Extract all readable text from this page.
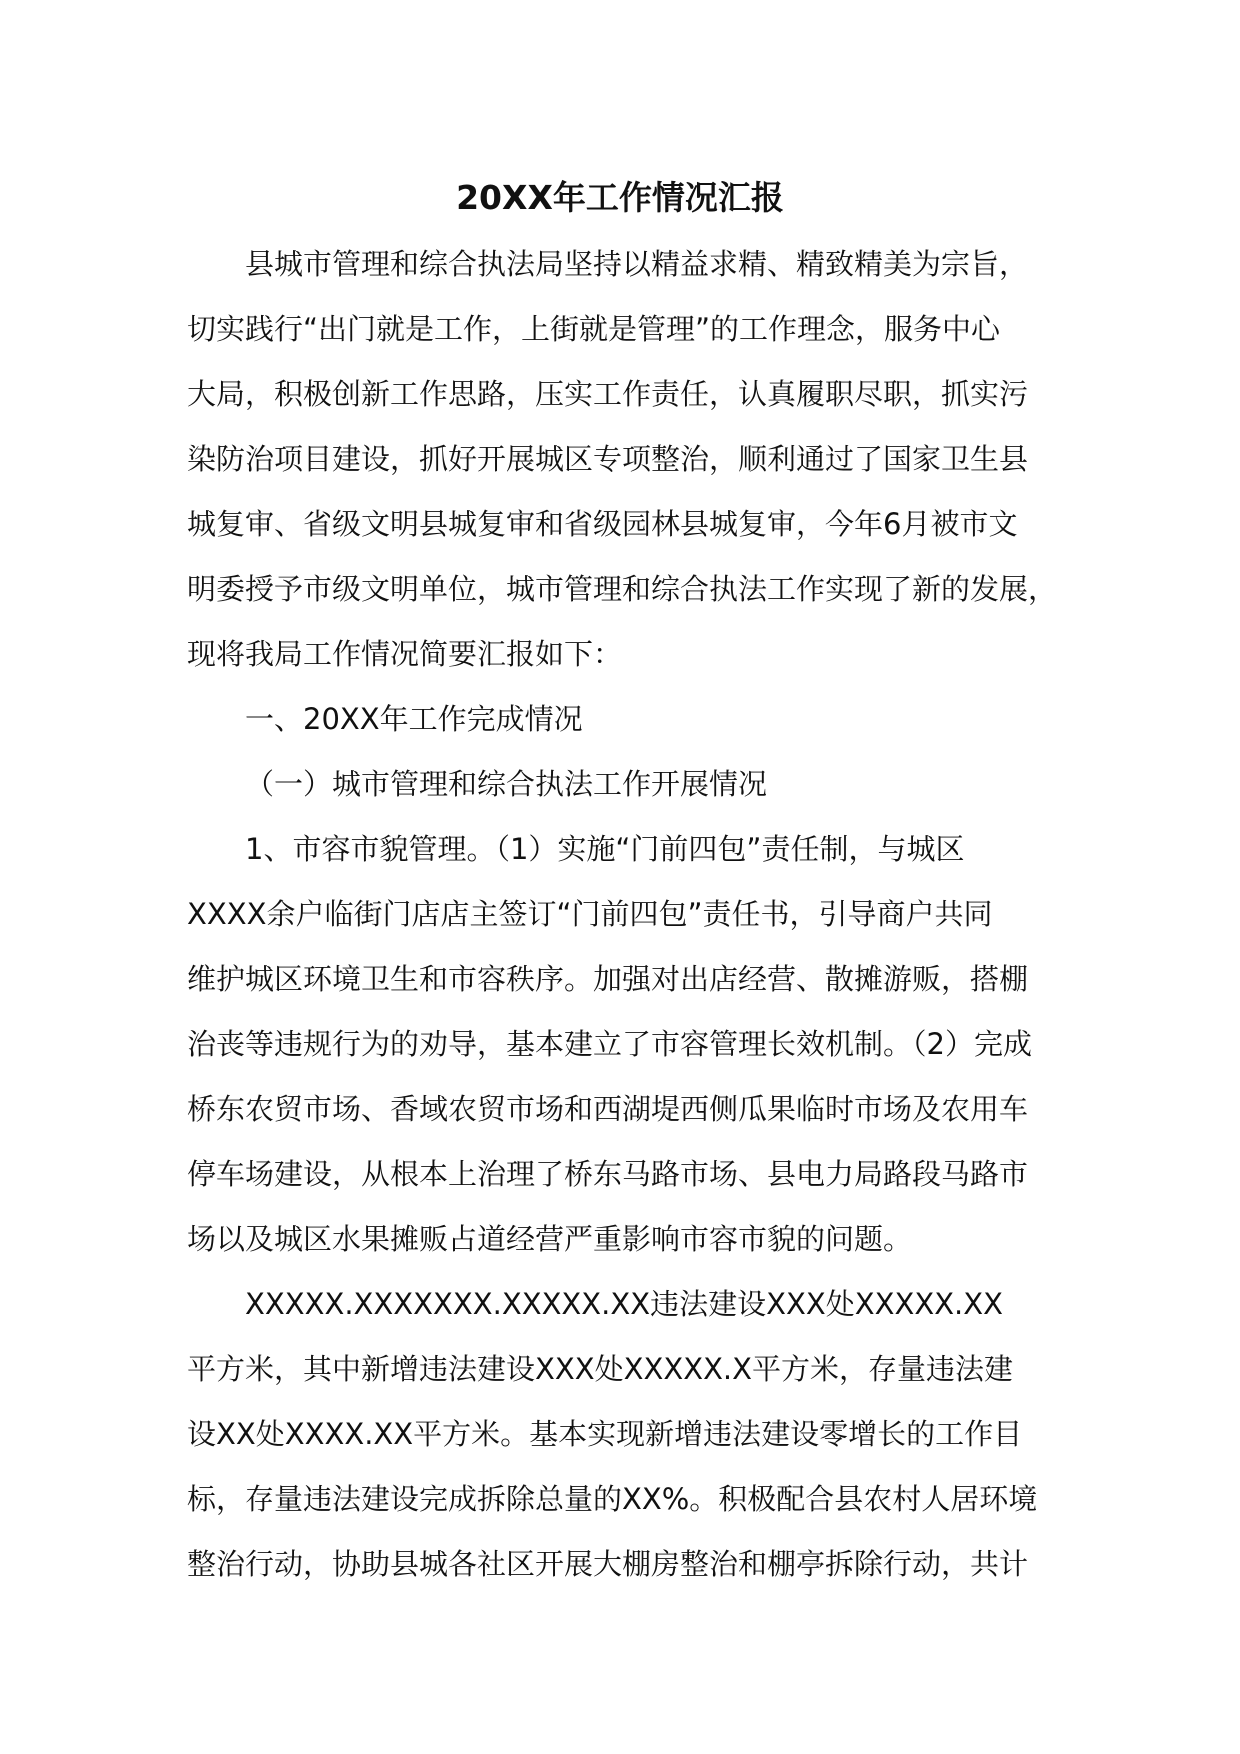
20XX年工作情况汇报

县城市管理和综合执法局坚持以精益求精、精致精美为宗旨，
切实践行“出门就是工作，上街就是管理”的工作理念，服务中心
大局，积极创新工作思路，压实工作责任，认真履职尽职，抓实污
染防治项目建设，抓好开展城区专项整治，顺利通过了国家卫生县
城复审、省级文明县城复审和省级园林县城复审，今年6月被市文
明委授予市级文明单位，城市管理和综合执法工作实现了新的发展，
现将我局工作情况简要汇报如下：

一、20XX年工作完成情况

（一）城市管理和综合执法工作开展情况

1、市容市貌管理。（1）实施“门前四包”责任制，与城区
XXXX余户临街门店店主签订“门前四包”责任书，引导商户共同
维护城区环境卫生和市容秩序。加强对出店经营、散摊游贩，搭棚
治丧等违规行为的劝导，基本建立了市容管理长效机制。（2）完成
桥东农贸市场、香域农贸市场和西湖堤西侧瓜果临时市场及农用车
停车场建设，从根本上治理了桥东马路市场、县电力局路段马路市
场以及城区水果摊贩占道经营严重影响市容市貌的问题。

XXXXX.XXXXXXX.XXXXX.XX违法建设XXX处XXXXX.XX
平方米，其中新增违法建设XXX处XXXXX.X平方米，存量违法建
设XX处XXXX.XX平方米。基本实现新增违法建设零增长的工作目
标，存量违法建设完成拆除总量的XX%。积极配合县农村人居环境
整治行动，协助县城各社区开展大棚房整治和棚亭拆除行动，共计
